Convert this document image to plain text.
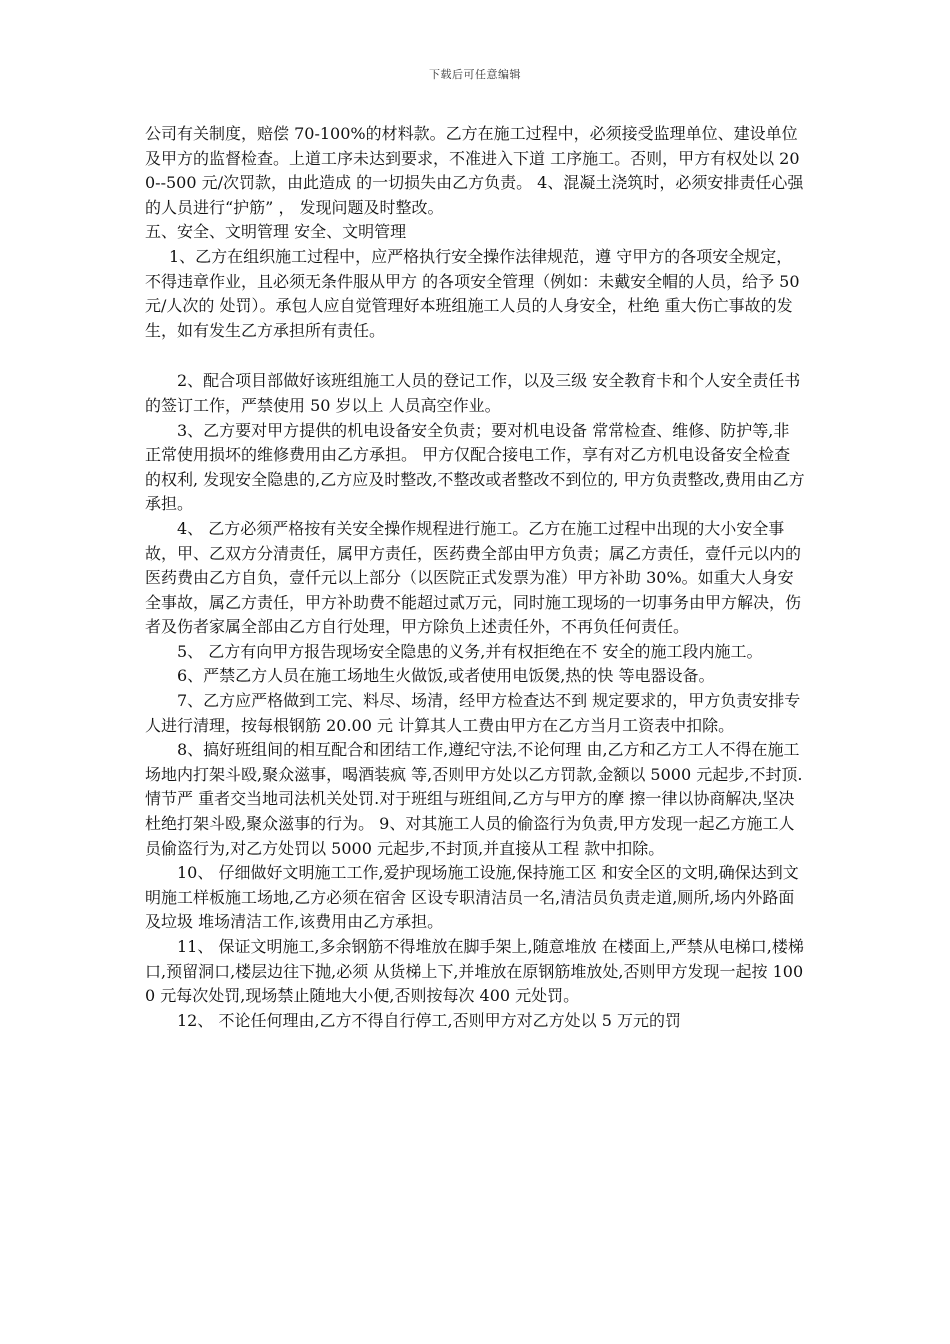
下载后可任意编辑

公司有关制度，赔偿 70-100%的材料款。乙方在施工过程中，必须接受监理单位、建设单位及甲方的监督检查。上道工序未达到要求，不准进入下道 工序施工。否则，甲方有权处以 200--500 元/次罚款，由此造成 的一切损失由乙方负责。 4、混凝土浇筑时，必须安排责任心强的人员进行“护筋” ， 发现问题及时整改。

五、安全、文明管理 安全、文明管理

1、乙方在组织施工过程中，应严格执行安全操作法律规范，遵 守甲方的各项安全规定，不得违章作业，且必须无条件服从甲方 的各项安全管理（例如：未戴安全帽的人员，给予 50元/人次的 处罚）。承包人应自觉管理好本班组施工人员的人身安全，杜绝 重大伤亡事故的发生，如有发生乙方承担所有责任。

2、配合项目部做好该班组施工人员的登记工作，以及三级 安全教育卡和个人安全责任书的签订工作，严禁使用 50 岁以上 人员高空作业。

3、乙方要对甲方提供的机电设备安全负责；要对机电设备 常常检查、维修、防护等,非正常使用损坏的维修费用由乙方承担。 甲方仅配合接电工作，享有对乙方机电设备安全检查的权利, 发现安全隐患的,乙方应及时整改,不整改或者整改不到位的, 甲方负责整改,费用由乙方承担。

4、 乙方必须严格按有关安全操作规程进行施工。乙方在施工过程中出现的大小安全事故，甲、乙双方分清责任，属甲方责任，医药费全部由甲方负责；属乙方责任，壹仟元以内的医药费由乙方自负，壹仟元以上部分（以医院正式发票为准）甲方补助 30%。如重大人身安全事故，属乙方责任，甲方补助费不能超过贰万元，同时施工现场的一切事务由甲方解决，伤者及伤者家属全部由乙方自行处理，甲方除负上述责任外，不再负任何责任。

5、 乙方有向甲方报告现场安全隐患的义务,并有权拒绝在不 安全的施工段内施工。

6、严禁乙方人员在施工场地生火做饭,或者使用电饭煲,热的快 等电器设备。

7、乙方应严格做到工完、料尽、场清，经甲方检查达不到 规定要求的，甲方负责安排专人进行清理，按每根钢筋 20.00 元 计算其人工费由甲方在乙方当月工资表中扣除。

8、搞好班组间的相互配合和团结工作,遵纪守法,不论何理 由,乙方和乙方工人不得在施工场地内打架斗殴,聚众滋事，喝酒装疯 等,否则甲方处以乙方罚款,金额以 5000 元起步,不封顶.情节严 重者交当地司法机关处罚.对于班组与班组间,乙方与甲方的摩 擦一律以协商解决,坚决杜绝打架斗殴,聚众滋事的行为。 9、对其施工人员的偷盗行为负责,甲方发现一起乙方施工人员偷盗行为,对乙方处罚以 5000 元起步,不封顶,并直接从工程 款中扣除。

10、 仔细做好文明施工工作,爱护现场施工设施,保持施工区 和安全区的文明,确保达到文明施工样板施工场地,乙方必须在宿舍 区设专职清洁员一名,清洁员负责走道,厕所,场内外路面及垃圾 堆场清洁工作,该费用由乙方承担。

11、 保证文明施工,多余钢筋不得堆放在脚手架上,随意堆放 在楼面上,严禁从电梯口,楼梯口,预留洞口,楼层边往下抛,必须 从货梯上下,并堆放在原钢筋堆放处,否则甲方发现一起按 1000 元每次处罚,现场禁止随地大小便,否则按每次 400 元处罚。

12、 不论任何理由,乙方不得自行停工,否则甲方对乙方处以 5 万元的罚
